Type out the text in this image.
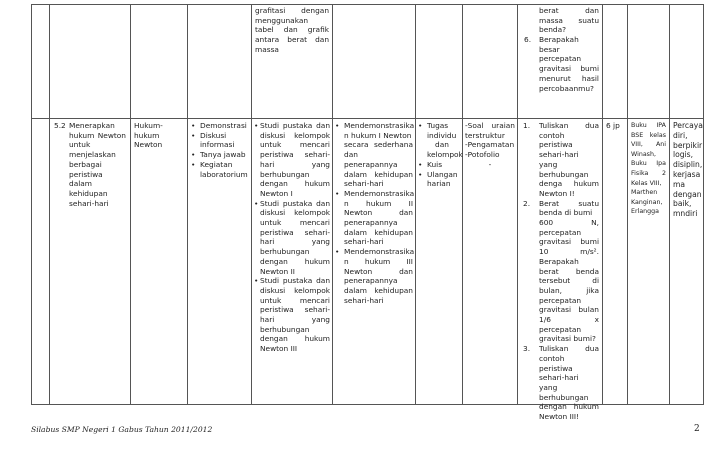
grafitasi dengan
menggunakan
tabel dan grafik
antara berat dan
massa
berat dan
massa suatu
benda?
6. Berapakah
besar
percepatan
gravitasi bumi
menurut hasil
percobaanmu?
5.2 Menerapkan
hukum Newton
untuk
menjelaskan
berbagai
peristiwa dalam
kehidupan
sehari-hari
Hukum-
hukum
Newton
• Demonstrasi
• Diskusi
informasi
• Tanya jawab
• Kegiatan
laboratorium
• Studi pustaka dan
diskusi kelompok
untuk mencari
peristiwa sehari-
hari yang
berhubungan
dengan hukum
Newton I
• Studi pustaka dan
diskusi kelompok
untuk mencari
peristiwa sehari-
hari yang
berhubungan
dengan hukum
Newton II
• Studi pustaka dan
diskusi kelompok
untuk mencari
peristiwa sehari-
hari yang
berhubungan
dengan hukum
Newton III
• Mendemonstrasika
n hukum I Newton
secara sederhana
dan penerapannya
dalam kehidupan
sehari-hari
• Mendemonstrasika
n hukum II
Newton dan
penerapannya
dalam kehidupan
sehari-hari
• Mendemonstrasika
n hukum III
Newton dan
penerapannya
dalam kehidupan
sehari-hari
• Tugas
individu
dan
kelompok
• Kuis
• Ulangan
harian
-Soal uraian
terstruktur
-Pengamatan
-Potofolio
-
1. Tuliskan dua
contoh
peristiwa
sehari-hari
yang
berhubungan
denga hukum
Newton I!
2. Berat suatu
benda di bumi
600 N,
percepatan
gravitasi bumi
10 m/s².
Berapakah
berat benda
tersebut di
bulan, jika
percepatan
gravitasi bulan
1/6 x
percepatan
gravitasi bumi?
3. Tuliskan dua
contoh
peristiwa
sehari-hari
yang
berhubungan
dengan hukum
Newton III!
6 jp	Buku IPA
BSE kelas
VIII, Ani
Winash,
Buku Ipa
Fisika 2
Kelas VIII,
Marthen
Kanginan,
Erlangga
Percaya
diri,
berpikir
logis,
disiplin,
kerjasa
ma
dengan
baik,
mndiri
Silabus SMP Negeri 1 Gabus Tahun 2011/2012	2
